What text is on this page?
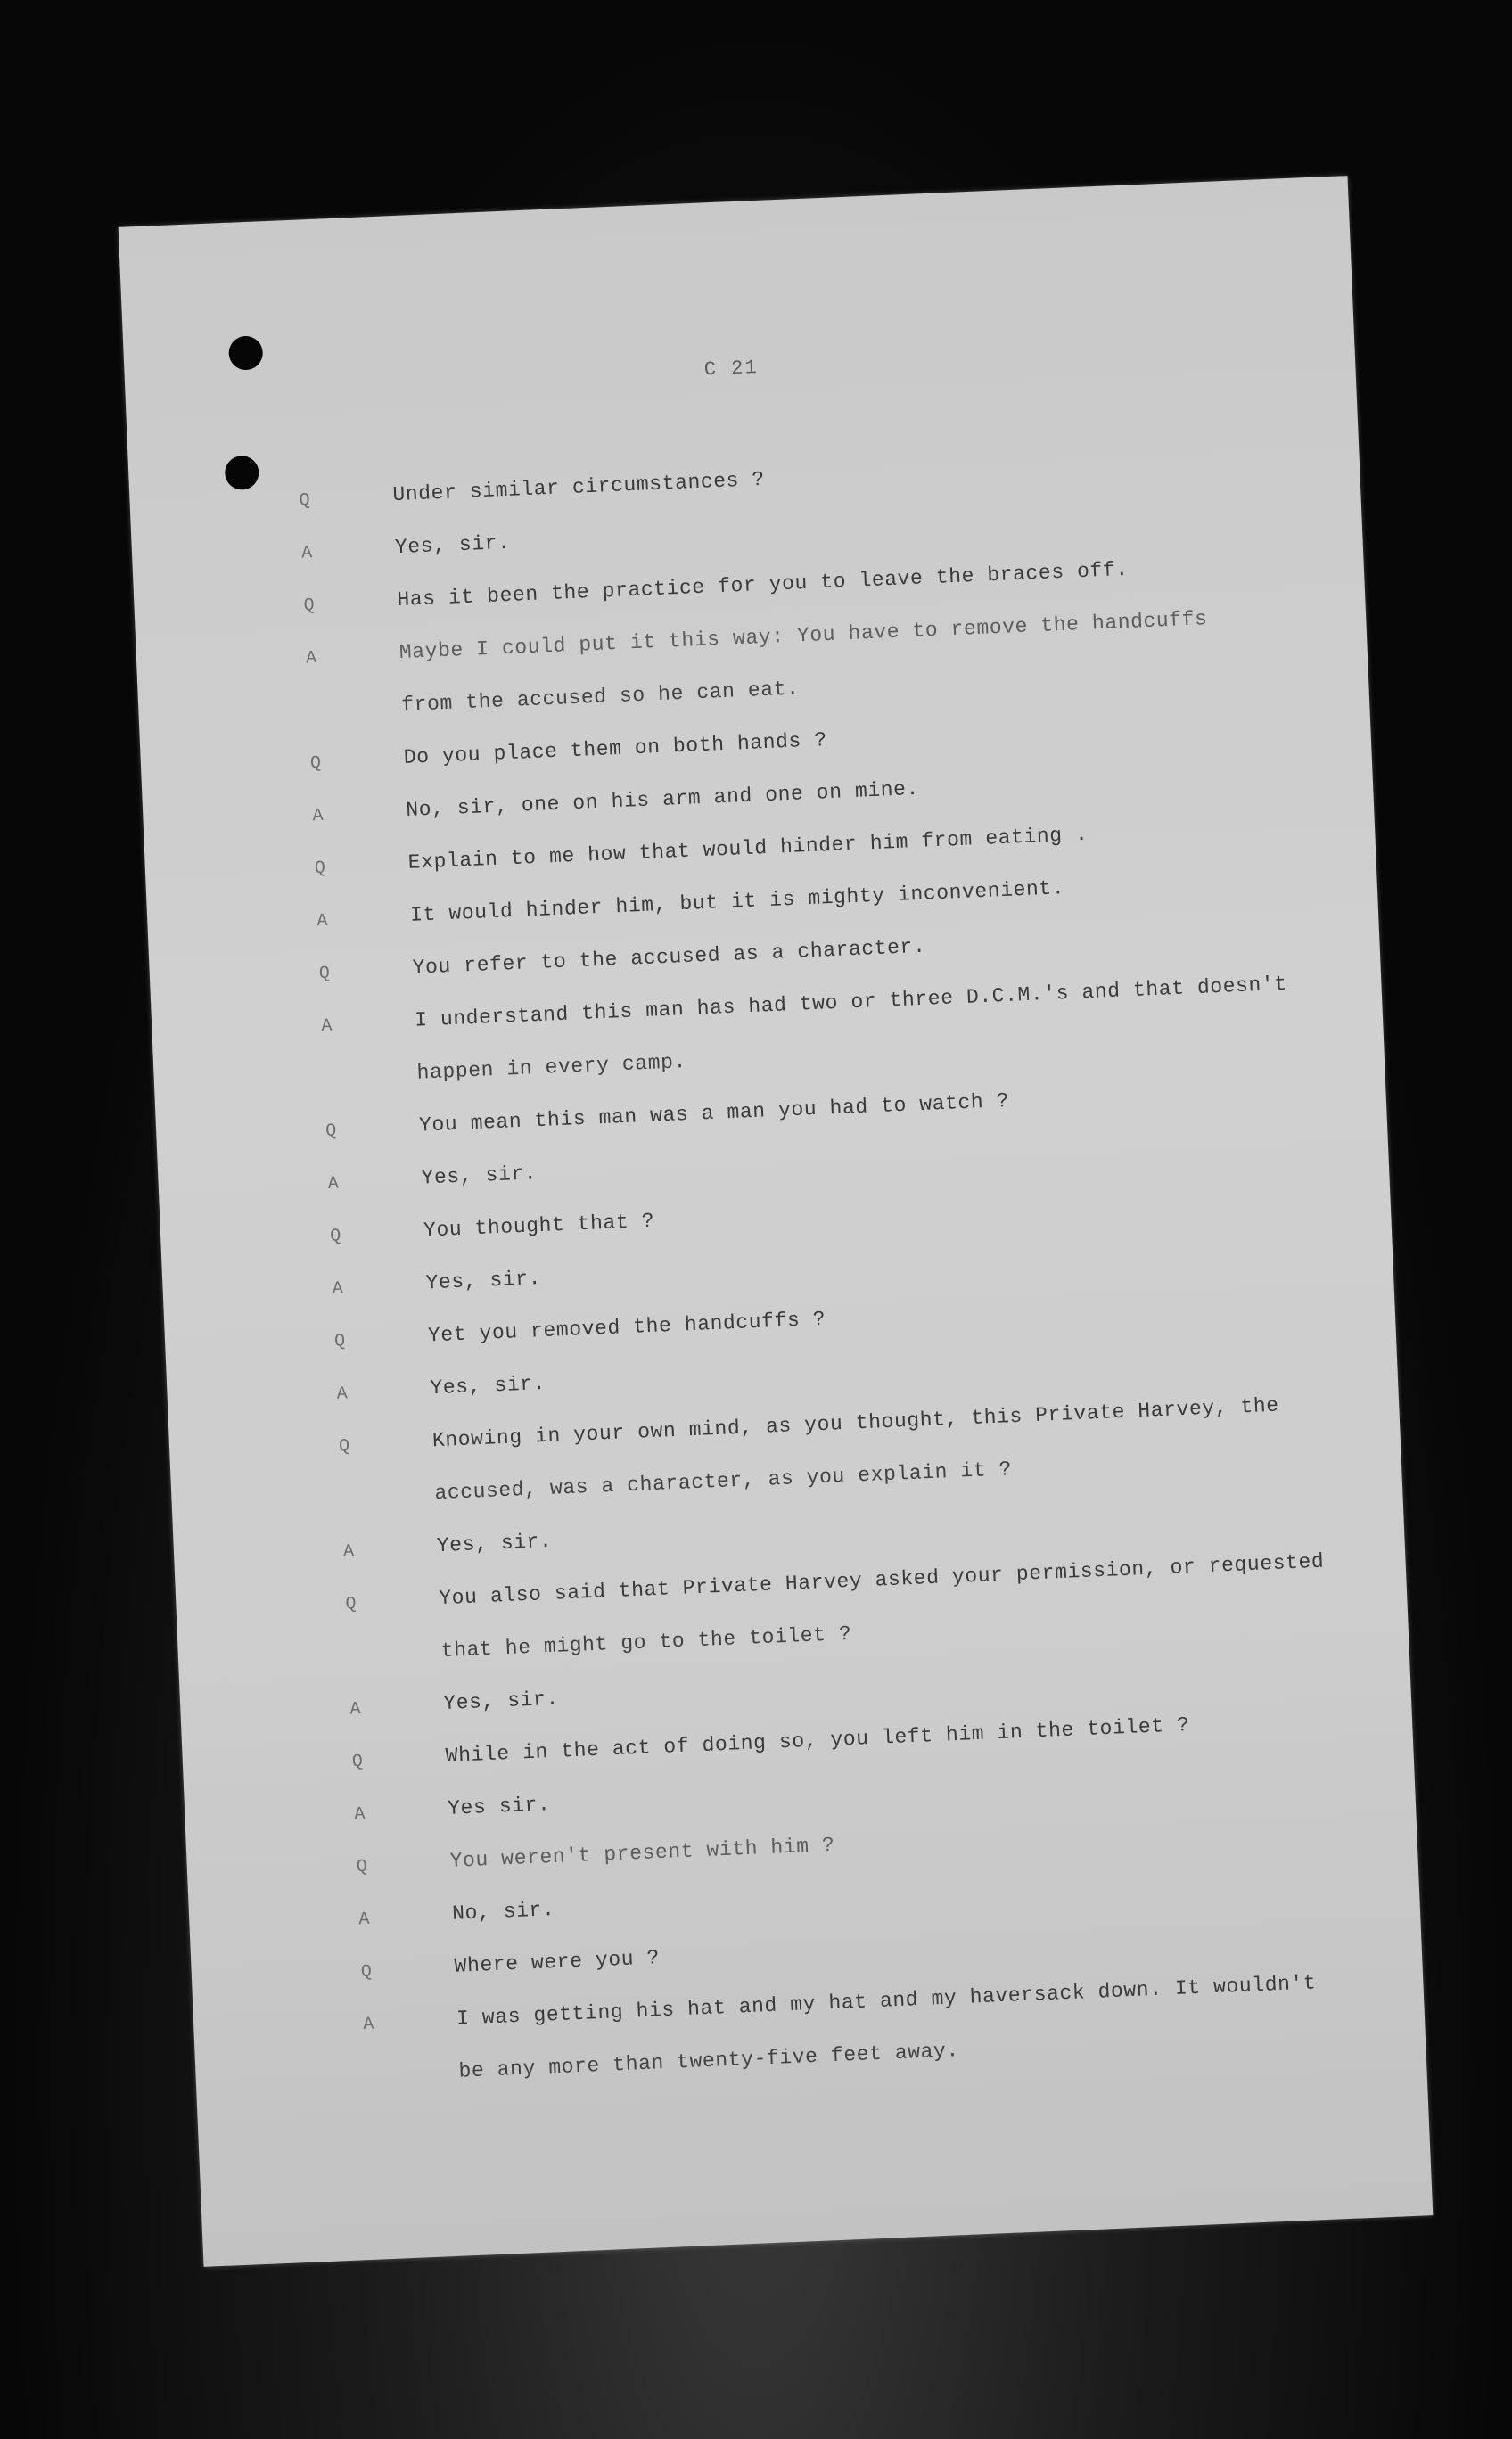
C 21
Q	Under similar circumstances ?
A	Yes, sir.
Q	Has it been the practice for you to leave the braces off.
A	Maybe I could put it this way: You have to remove the handcuffs
from the accused so he can eat.
Q	Do you place them on both hands ?
A	No, sir, one on his arm and one on mine.
Q	Explain to me how that would hinder him from eating .
A	It would hinder him, but it is mighty inconvenient.
Q	You refer to the accused as a character.
A	I understand this man has had two or three D.C.M.'s and that doesn't
happen in every camp.
Q	You mean this man was a man you had to watch ?
A	Yes, sir.
Q	You thought that ?
A	Yes, sir.
Q	Yet you removed the handcuffs ?
A	Yes, sir.
Q	Knowing in your own mind, as you thought, this Private Harvey, the
accused, was a character, as you explain it ?
A	Yes, sir.
Q	You also said that Private Harvey asked your permission, or requested
that he might go to the toilet ?
A	Yes, sir.
Q	While in the act of doing so, you left him in the toilet ?
A	Yes sir.
Q	You weren't present with him ?
A	No, sir.
Q	Where were you ?
A	I was getting his hat and my hat and my haversack down. It wouldn't
be any more than twenty-five feet away.
